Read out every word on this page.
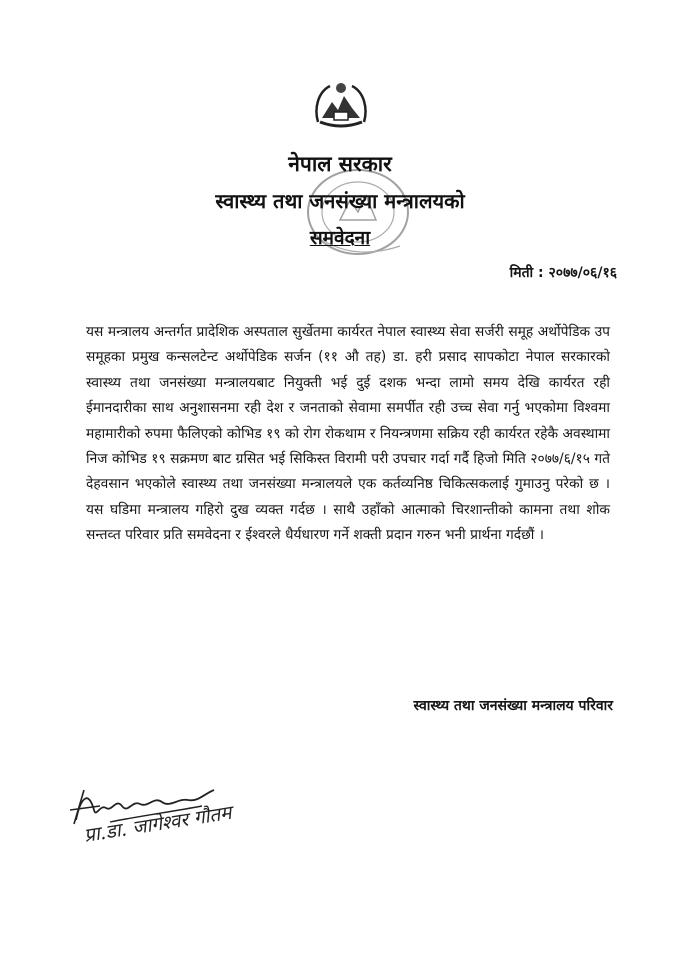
नेपाल सरकार
स्वास्थ्य तथा जनसंख्या मन्त्रालयको
समवेदना
मिती : २०७७/०६/१६
यस मन्त्रालय अन्तर्गत प्रादेशिक अस्पताल सुर्खेतमा कार्यरत नेपाल स्वास्थ्य सेवा सर्जरी समूह अर्थोपेडिक उप समूहका प्रमुख कन्सलटेन्ट अर्थोपेडिक सर्जन (११ औ तह) डा. हरी प्रसाद सापकोटा नेपाल सरकारको स्वास्थ्य तथा जनसंख्या मन्त्रालयबाट नियुक्ती भई दुई दशक भन्दा लामो समय देखि कार्यरत रही ईमानदारीका साथ अनुशासनमा रही देश र जनताको सेवामा समर्पीत रही उच्च सेवा गर्नु भएकोमा विश्वमा महामारीको रुपमा फैलिएको कोभिड १९ को रोग रोकथाम र नियन्त्रणमा सक्रिय रही कार्यरत रहेकै अवस्थामा निज कोभिड १९ सक्रमण बाट ग्रसित भई सिकिस्त विरामी परी उपचार गर्दा गर्दै हिजो मिति २०७७/६/१५ गते देहवसान भएकोले स्वास्थ्य तथा जनसंख्या मन्त्रालयले एक कर्तव्यनिष्ठ चिकित्सकलाई गुमाउनु परेको छ । यस घडिमा मन्त्रालय गहिरो दुख व्यक्त गर्दछ । साथै उहाँको आत्माको चिरशान्तीको कामना तथा शोक सन्तव्त परिवार प्रति समवेदना र ईश्वरले धैर्यधारण गर्ने शक्ती प्रदान गरुन भनी प्रार्थना गर्दछौं ।
स्वास्थ्य तथा जनसंख्या मन्त्रालय परिवार
प्रा.डा. जागेश्वर गौतम
